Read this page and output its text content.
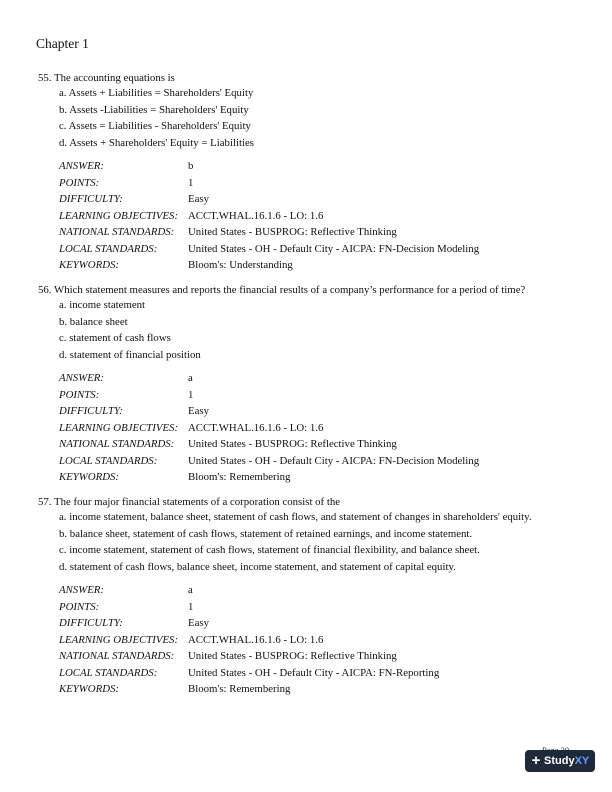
Chapter 1
55. The accounting equations is
a. Assets + Liabilities = Shareholders' Equity
b. Assets -Liabilities = Shareholders' Equity
c. Assets = Liabilities - Shareholders' Equity
d. Assets + Shareholders' Equity = Liabilities
ANSWER:	b
POINTS:	1
DIFFICULTY:	Easy
LEARNING OBJECTIVES: ACCT.WHAL.16.1.6 - LO: 1.6
NATIONAL STANDARDS:	United States - BUSPROG: Reflective Thinking
LOCAL STANDARDS:	United States - OH - Default City - AICPA: FN-Decision Modeling
KEYWORDS:	Bloom's: Understanding
56. Which statement measures and reports the financial results of a company’s performance for a period of time?
a. income statement
b. balance sheet
c. statement of cash flows
d. statement of financial position
ANSWER:	a
POINTS:	1
DIFFICULTY:	Easy
LEARNING OBJECTIVES: ACCT.WHAL.16.1.6 - LO: 1.6
NATIONAL STANDARDS:	United States - BUSPROG: Reflective Thinking
LOCAL STANDARDS:	United States - OH - Default City - AICPA: FN-Decision Modeling
KEYWORDS:	Bloom's: Remembering
57. The four major financial statements of a corporation consist of the
a. income statement, balance sheet, statement of cash flows, and statement of changes in shareholders' equity.
b. balance sheet, statement of cash flows, statement of retained earnings, and income statement.
c. income statement, statement of cash flows, statement of financial flexibility, and balance sheet.
d. statement of cash flows, balance sheet, income statement, and statement of capital equity.
ANSWER:	a
POINTS:	1
DIFFICULTY:	Easy
LEARNING OBJECTIVES: ACCT.WHAL.16.1.6 - LO: 1.6
NATIONAL STANDARDS:	United States - BUSPROG: Reflective Thinking
LOCAL STANDARDS:	United States - OH - Default City - AICPA: FN-Reporting
KEYWORDS:	Bloom's: Remembering
+ StudyXY
